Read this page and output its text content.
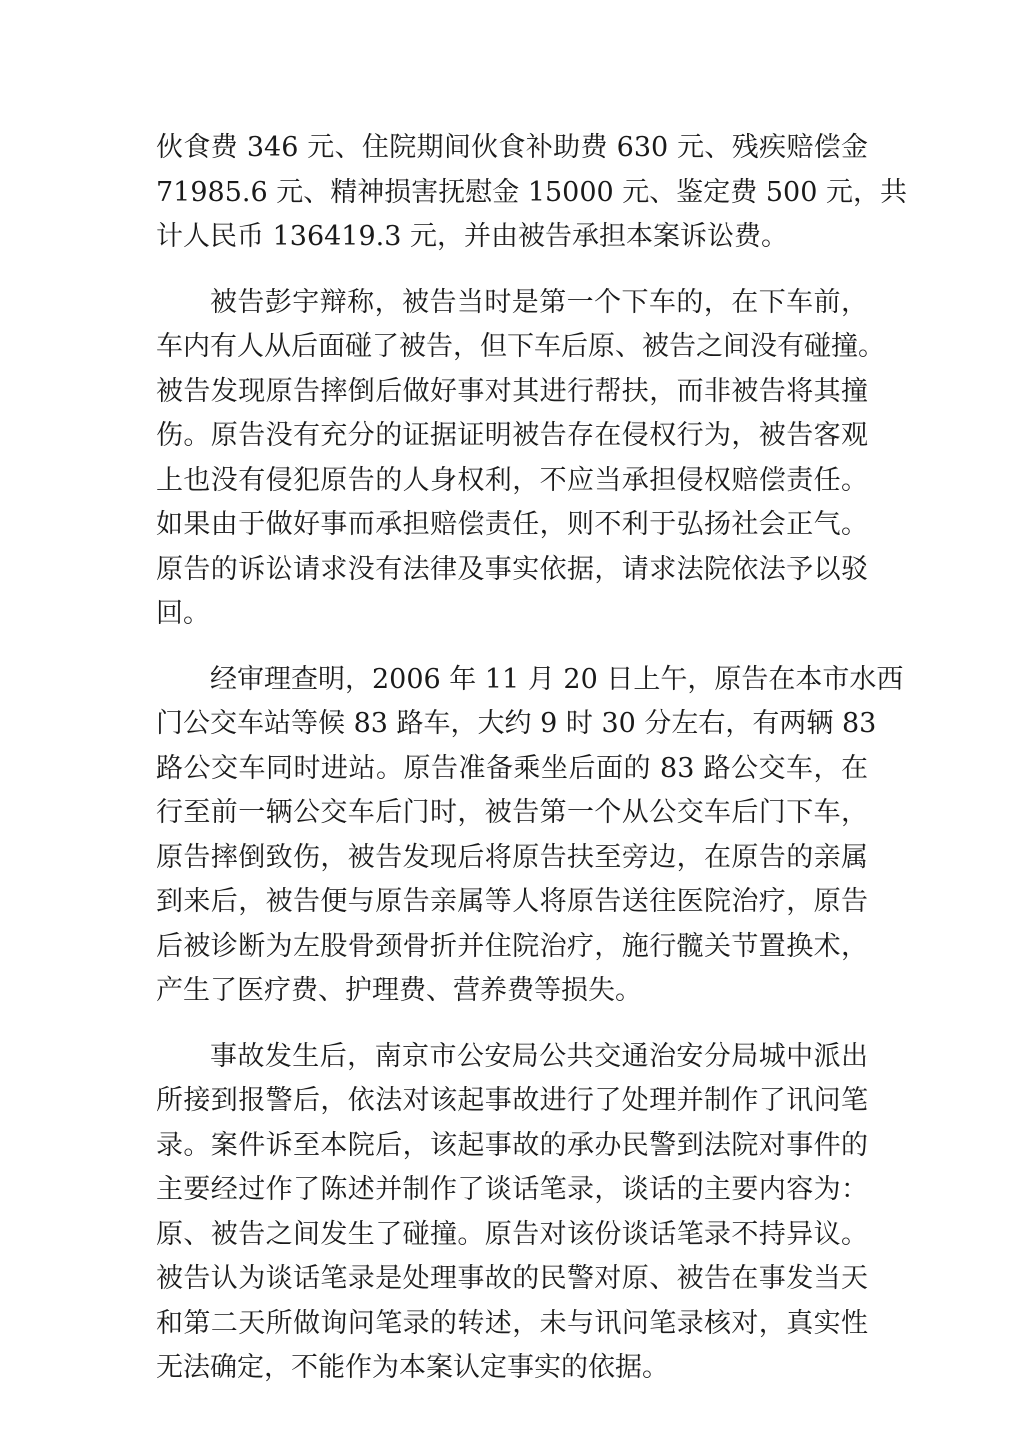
伙食费 346 元、住院期间伙食补助费 630 元、残疾赔偿金
71985.6 元、精神损害抚慰金 15000 元、鉴定费 500 元，共
计人民币 136419.3 元，并由被告承担本案诉讼费。

被告彭宇辩称，被告当时是第一个下车的，在下车前，
车内有人从后面碰了被告，但下车后原、被告之间没有碰撞。
被告发现原告摔倒后做好事对其进行帮扶，而非被告将其撞
伤。原告没有充分的证据证明被告存在侵权行为，被告客观
上也没有侵犯原告的人身权利，不应当承担侵权赔偿责任。
如果由于做好事而承担赔偿责任，则不利于弘扬社会正气。
原告的诉讼请求没有法律及事实依据，请求法院依法予以驳
回。

经审理查明，2006 年 11 月 20 日上午，原告在本市水西
门公交车站等候 83 路车，大约 9 时 30 分左右，有两辆 83
路公交车同时进站。原告准备乘坐后面的 83 路公交车，在
行至前一辆公交车后门时，被告第一个从公交车后门下车，
原告摔倒致伤，被告发现后将原告扶至旁边，在原告的亲属
到来后，被告便与原告亲属等人将原告送往医院治疗，原告
后被诊断为左股骨颈骨折并住院治疗，施行髋关节置换术，
产生了医疗费、护理费、营养费等损失。

事故发生后，南京市公安局公共交通治安分局城中派出
所接到报警后，依法对该起事故进行了处理并制作了讯问笔
录。案件诉至本院后，该起事故的承办民警到法院对事件的
主要经过作了陈述并制作了谈话笔录，谈话的主要内容为：
原、被告之间发生了碰撞。原告对该份谈话笔录不持异议。
被告认为谈话笔录是处理事故的民警对原、被告在事发当天
和第二天所做询问笔录的转述，未与讯问笔录核对，真实性
无法确定，不能作为本案认定事实的依据。
